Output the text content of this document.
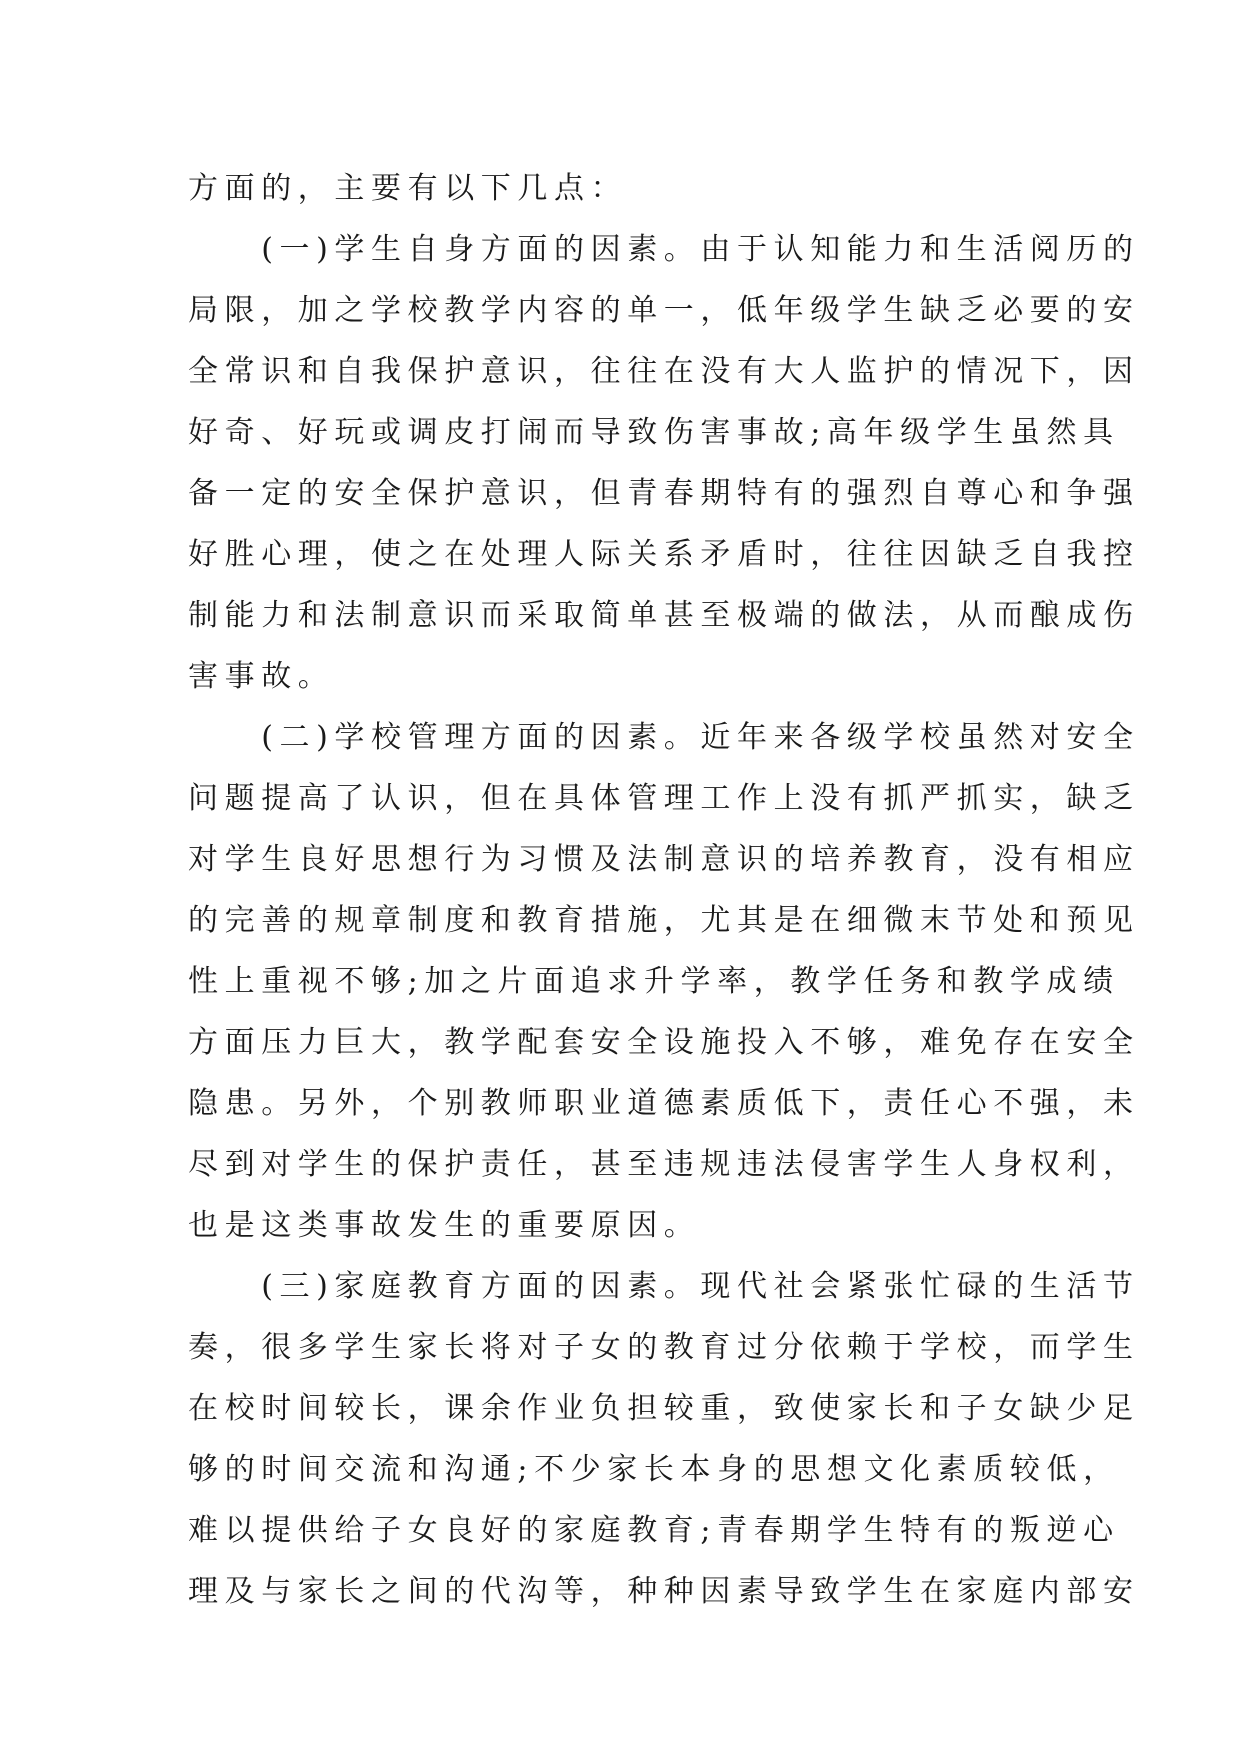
方面的，主要有以下几点：
　　(一)学生自身方面的因素。由于认知能力和生活阅历的
局限，加之学校教学内容的单一，低年级学生缺乏必要的安
全常识和自我保护意识，往往在没有大人监护的情况下，因
好奇、好玩或调皮打闹而导致伤害事故;高年级学生虽然具
备一定的安全保护意识，但青春期特有的强烈自尊心和争强
好胜心理，使之在处理人际关系矛盾时，往往因缺乏自我控
制能力和法制意识而采取简单甚至极端的做法，从而酿成伤
害事故。
　　(二)学校管理方面的因素。近年来各级学校虽然对安全
问题提高了认识，但在具体管理工作上没有抓严抓实，缺乏
对学生良好思想行为习惯及法制意识的培养教育，没有相应
的完善的规章制度和教育措施，尤其是在细微末节处和预见
性上重视不够;加之片面追求升学率，教学任务和教学成绩
方面压力巨大，教学配套安全设施投入不够，难免存在安全
隐患。另外，个别教师职业道德素质低下，责任心不强，未
尽到对学生的保护责任，甚至违规违法侵害学生人身权利，
也是这类事故发生的重要原因。
　　(三)家庭教育方面的因素。现代社会紧张忙碌的生活节
奏，很多学生家长将对子女的教育过分依赖于学校，而学生
在校时间较长，课余作业负担较重，致使家长和子女缺少足
够的时间交流和沟通;不少家长本身的思想文化素质较低，
难以提供给子女良好的家庭教育;青春期学生特有的叛逆心
理及与家长之间的代沟等，种种因素导致学生在家庭内部安
